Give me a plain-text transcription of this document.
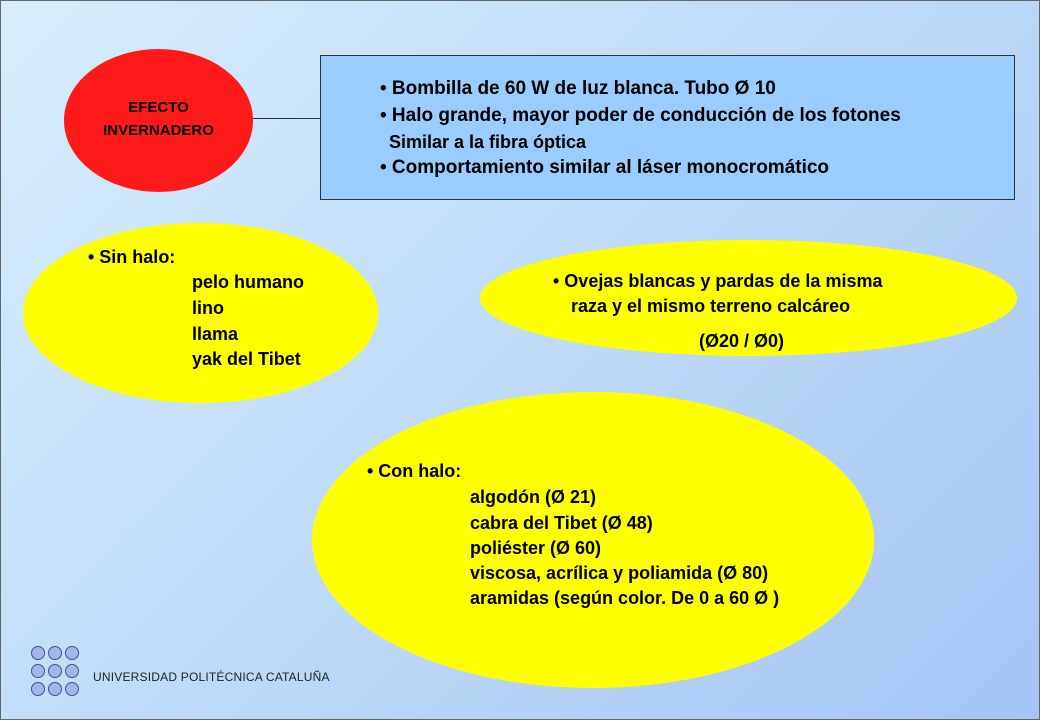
EFECTO
INVERNADERO
• Bombilla de 60 W de luz blanca. Tubo Ø 10
• Halo grande, mayor poder de conducción de los fotones
Similar a la fibra óptica
• Comportamiento similar al láser monocromático
• Sin halo:
pelo humano
lino
llama
yak del Tibet
• Ovejas blancas y pardas de la misma
raza y el mismo terreno calcáreo
(Ø20 / Ø0)
• Con halo:
algodón (Ø 21)
cabra del Tibet (Ø 48)
poliéster (Ø 60)
viscosa, acrílica y poliamida (Ø 80)
aramidas (según color. De 0 a 60 Ø )
UNIVERSIDAD POLITÉCNICA CATALUÑA
